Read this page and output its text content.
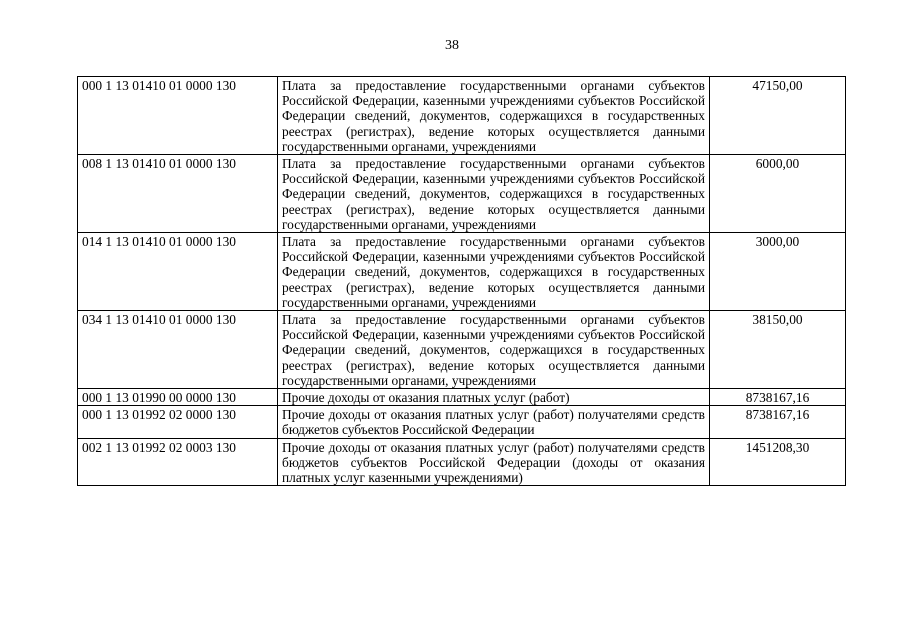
38
000 1 13 01410 01 0000 130	Плата за предоставление государственными органами субъектов Российской Федерации, казенными учреждениями субъектов Российской Федерации сведений, документов, содержащихся в государственных реестрах (регистрах), ведение которых осуществляется данными государственными органами, учреждениями	47150,00
008 1 13 01410 01 0000 130	Плата за предоставление государственными органами субъектов Российской Федерации, казенными учреждениями субъектов Российской Федерации сведений, документов, содержащихся в государственных реестрах (регистрах), ведение которых осуществляется данными государственными органами, учреждениями	6000,00
014 1 13 01410 01 0000 130	Плата за предоставление государственными органами субъектов Российской Федерации, казенными учреждениями субъектов Российской Федерации сведений, документов, содержащихся в государственных реестрах (регистрах), ведение которых осуществляется данными государственными органами, учреждениями	3000,00
034 1 13 01410 01 0000 130	Плата за предоставление государственными органами субъектов Российской Федерации, казенными учреждениями субъектов Российской Федерации сведений, документов, содержащихся в государственных реестрах (регистрах), ведение которых осуществляется данными государственными органами, учреждениями	38150,00
000 1 13 01990 00 0000 130	Прочие доходы от оказания платных услуг (работ)	8738167,16
000 1 13 01992 02 0000 130	Прочие доходы от оказания платных услуг (работ) получателями средств бюджетов субъектов Российской Федерации	8738167,16
002 1 13 01992 02 0003 130	Прочие доходы от оказания платных услуг (работ) получателями средств бюджетов субъектов Российской Федерации (доходы от оказания платных услуг казенными учреждениями)	1451208,30
